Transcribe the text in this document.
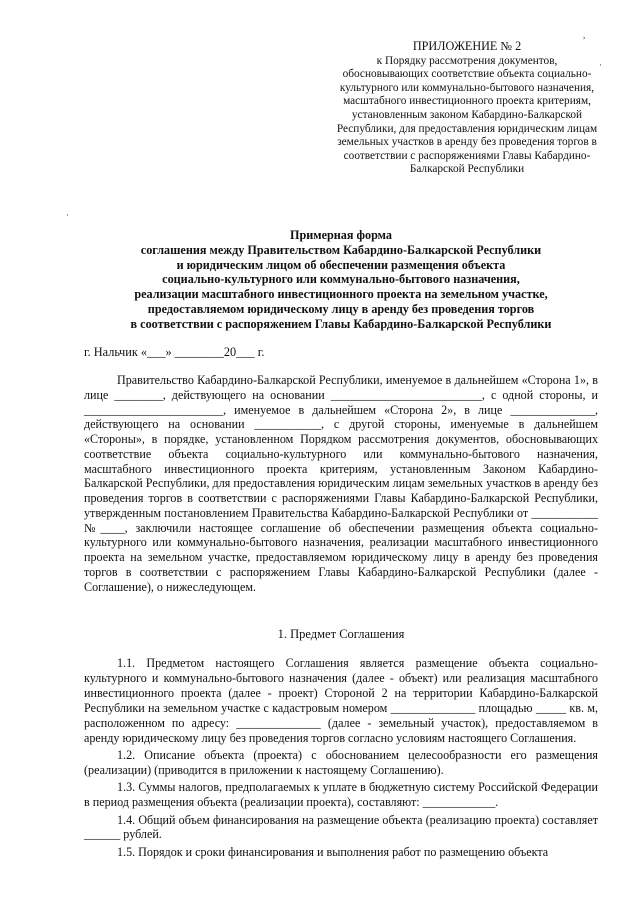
,
·
·
ПРИЛОЖЕНИЕ № 2
к Порядку рассмотрения документов, обосновывающих соответствие объекта социально-культурного или коммунально-бытового назначения, масштабного инвестиционного проекта критериям, установленным законом Кабардино-Балкарской Республики, для предоставления юридическим лицам земельных участков в аренду без проведения торгов в соответствии с распоряжениями Главы Кабардино-Балкарской Республики
Примерная форма
соглашения между Правительством Кабардино-Балкарской Республики
и юридическим лицом об обеспечении размещения объекта
социально-культурного или коммунально-бытового назначения,
реализации масштабного инвестиционного проекта на земельном участке,
предоставляемом юридическому лицу в аренду без проведения торгов
в соответствии с распоряжением Главы Кабардино-Балкарской Республики
г. Нальчик «___» ________20___ г.
Правительство Кабардино-Балкарской Республики, именуемое в дальнейшем «Сторона 1», в лице ________, действующего на основании _________________________, с одной стороны, и _______________________, именуемое в дальнейшем «Сторона 2», в лице ______________, действующего на основании ___________, с другой стороны, именуемые в дальнейшем «Стороны», в порядке, установленном Порядком рассмотрения документов, обосновывающих соответствие объекта социально-культурного или коммунально-бытового назначения, масштабного инвестиционного проекта критериям, установленным Законом Кабардино-Балкарской Республики, для предоставления юридическим лицам земельных участков в аренду без проведения торгов в соответствии с распоряжениями Главы Кабардино-Балкарской Республики, утвержденным постановлением Правительства Кабардино-Балкарской Республики от ___________ №____, заключили настоящее соглашение об обеспечении размещения объекта социально-культурного или коммунально-бытового назначения, реализации масштабного инвестиционного проекта на земельном участке, предоставляемом юридическому лицу в аренду без проведения торгов в соответствии с распоряжением Главы Кабардино-Балкарской Республики (далее - Соглашение), о нижеследующем.
1. Предмет Соглашения

1.1. Предметом настоящего Соглашения является размещение объекта социально-культурного и коммунально-бытового назначения (далее - объект) или реализация масштабного инвестиционного проекта (далее - проект) Стороной 2 на территории Кабардино-Балкарской Республики на земельном участке с кадастровым номером ______________ площадью _____ кв. м, расположенном по адресу: ______________ (далее - земельный участок), предоставляемом в аренду юридическому лицу без проведения торгов согласно условиям настоящего Соглашения.

1.2. Описание объекта (проекта) с обоснованием целесообразности его размещения (реализации) (приводится в приложении к настоящему Соглашению).

1.3. Суммы налогов, предполагаемых к уплате в бюджетную систему Российской Федерации в период размещения объекта (реализации проекта), составляют: ____________.

1.4. Общий объем финансирования на размещение объекта (реализацию проекта) составляет ______ рублей.

1.5. Порядок и сроки финансирования и выполнения работ по размещению объекта
